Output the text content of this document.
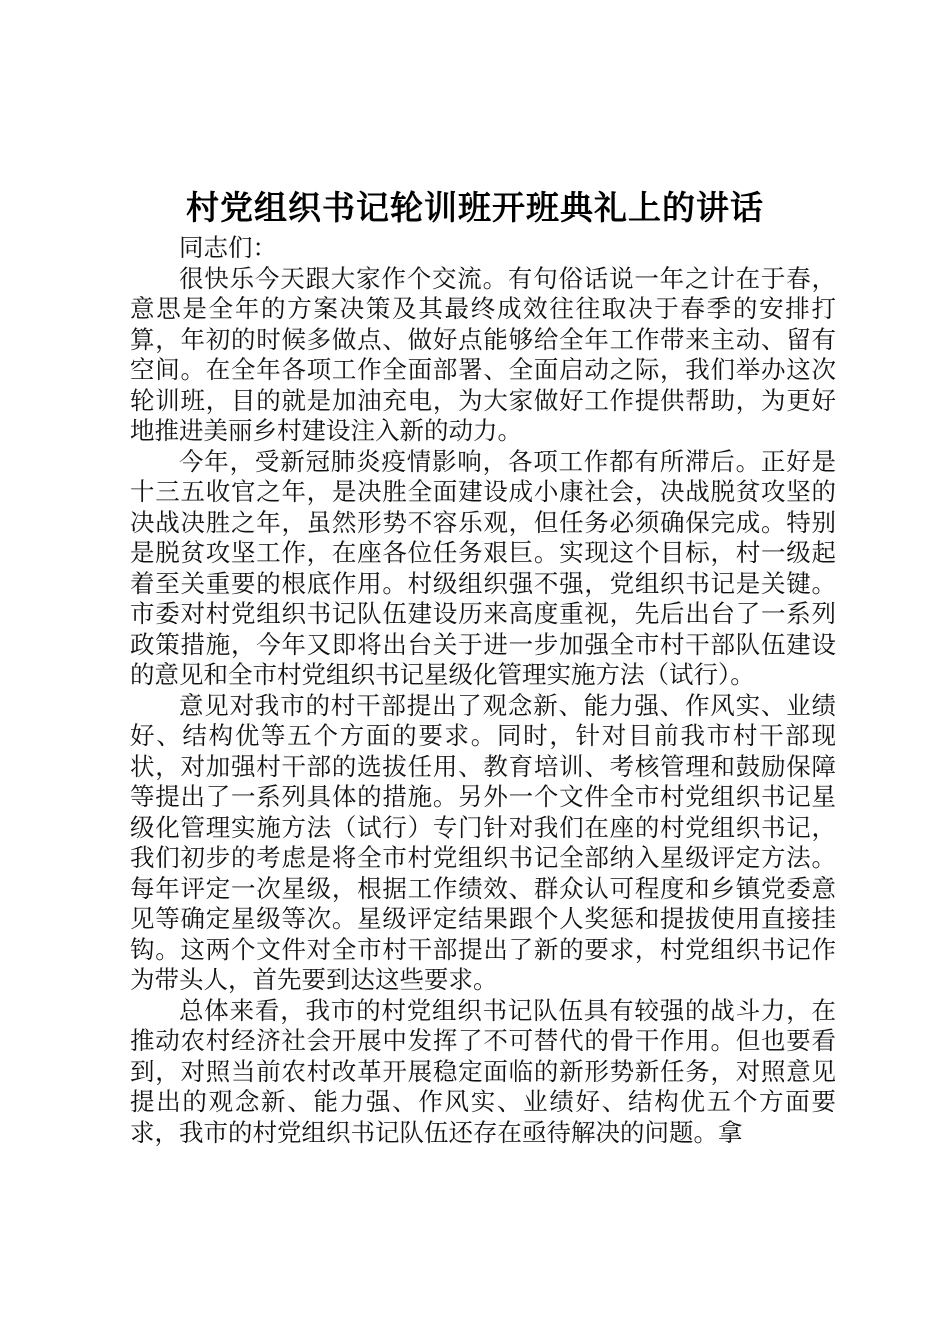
村党组织书记轮训班开班典礼上的讲话

同志们：

很快乐今天跟大家作个交流。有句俗话说一年之计在于春，意思是全年的方案决策及其最终成效往往取决于春季的安排打算，年初的时候多做点、做好点能够给全年工作带来主动、留有空间。在全年各项工作全面部署、全面启动之际，我们举办这次轮训班，目的就是加油充电，为大家做好工作提供帮助，为更好地推进美丽乡村建设注入新的动力。

今年，受新冠肺炎疫情影响，各项工作都有所滞后。正好是十三五收官之年，是决胜全面建设成小康社会，决战脱贫攻坚的决战决胜之年，虽然形势不容乐观，但任务必须确保完成。特别是脱贫攻坚工作，在座各位任务艰巨。实现这个目标，村一级起着至关重要的根底作用。村级组织强不强，党组织书记是关键。市委对村党组织书记队伍建设历来高度重视，先后出台了一系列政策措施，今年又即将出台关于进一步加强全市村干部队伍建设的意见和全市村党组织书记星级化管理实施方法（试行）。

意见对我市的村干部提出了观念新、能力强、作风实、业绩好、结构优等五个方面的要求。同时，针对目前我市村干部现状，对加强村干部的选拔任用、教育培训、考核管理和鼓励保障等提出了一系列具体的措施。另外一个文件全市村党组织书记星级化管理实施方法（试行）专门针对我们在座的村党组织书记，我们初步的考虑是将全市村党组织书记全部纳入星级评定方法。每年评定一次星级，根据工作绩效、群众认可程度和乡镇党委意见等确定星级等次。星级评定结果跟个人奖惩和提拔使用直接挂钩。这两个文件对全市村干部提出了新的要求，村党组织书记作为带头人，首先要到达这些要求。

总体来看，我市的村党组织书记队伍具有较强的战斗力，在推动农村经济社会开展中发挥了不可替代的骨干作用。但也要看到，对照当前农村改革开展稳定面临的新形势新任务，对照意见提出的观念新、能力强、作风实、业绩好、结构优五个方面要求，我市的村党组织书记队伍还存在亟待解决的问题。拿
